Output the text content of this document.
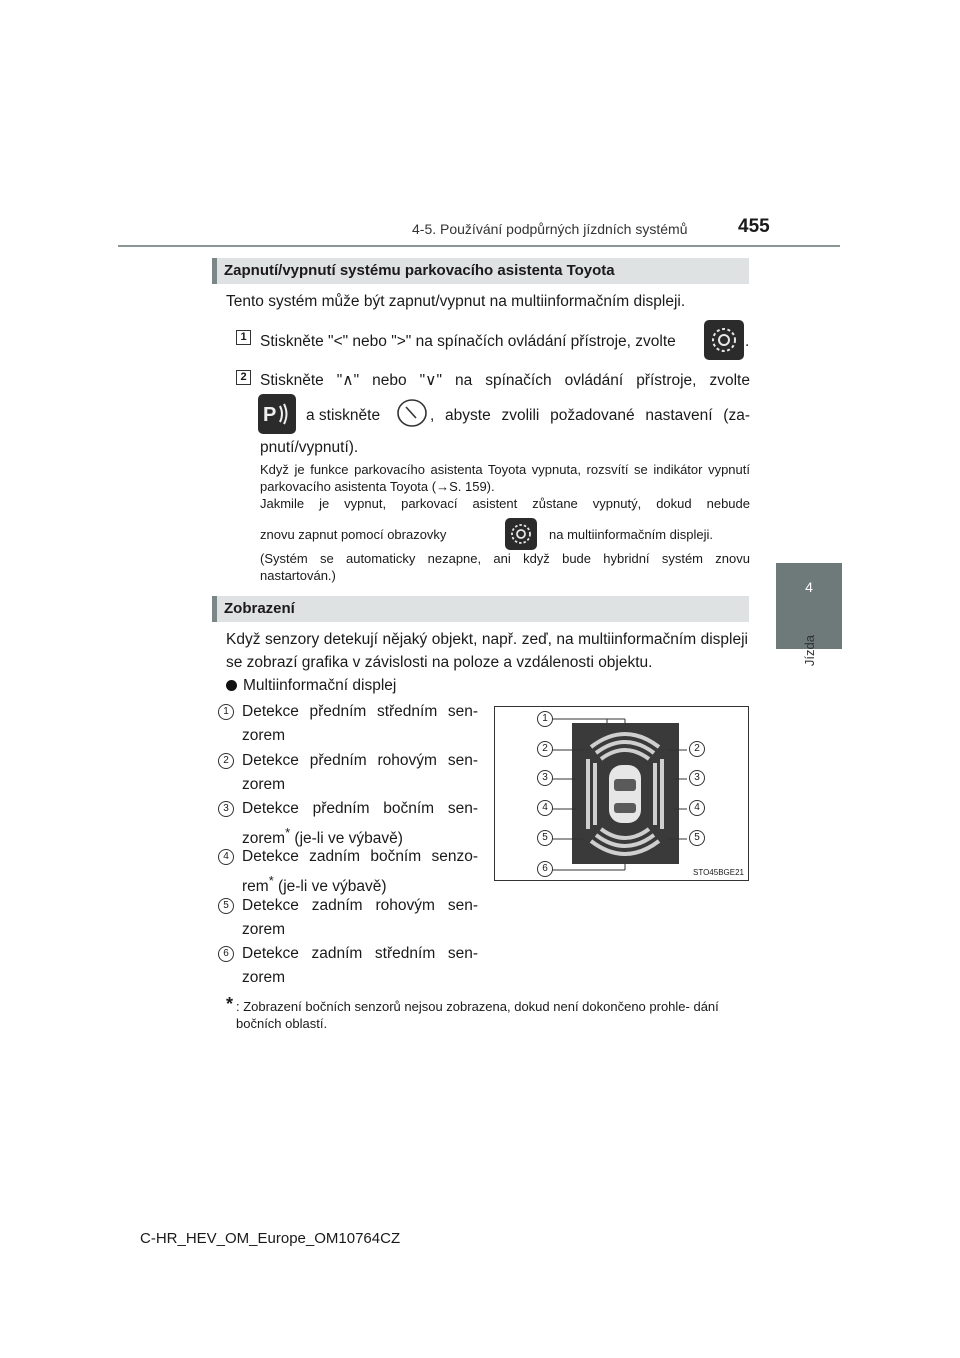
4-5. Používání podpůrných jízdních systémů	455
4
Jízda
Zapnutí/vypnutí systému parkovacího asistenta Toyota
Tento systém může být zapnut/vypnut na multiinformačním displeji.
1 Stiskněte "<" nebo ">" na spínačích ovládání přístroje, zvolte	.
2 Stiskněte "∧" nebo "∨" na spínačích ovládání přístroje, zvolte
P a stiskněte	, abyste zvolili požadované nastavení (za-
pnutí/vypnutí).
Když je funkce parkovacího asistenta Toyota vypnuta, rozsvítí se indikátor vypnutí parkovacího asistenta Toyota (→S. 159).
Jakmile je vypnut, parkovací asistent zůstane vypnutý, dokud nebude
znovu zapnut pomocí obrazovky	na multiinformačním displeji.
(Systém se automaticky nezapne, ani když bude hybridní systém znovu nastartován.)
Zobrazení
Když senzory detekují nějaký objekt, např. zeď, na multiinformačním displeji se zobrazí grafika v závislosti na poloze a vzdálenosti objektu.
Multiinformační displej
1 Detekce předním středním sen- zorem
2 Detekce předním rohovým sen- zorem
3 Detekce předním bočním sen- zorem* (je-li ve výbavě)
4 Detekce zadním bočním senzo- rem* (je-li ve výbavě)
5 Detekce zadním rohovým sen- zorem
6 Detekce zadním středním sen- zorem
* : Zobrazení bočních senzorů nejsou zobrazena, dokud není dokončeno prohle- dání bočních oblastí.
1
2
3
4
5
6
2
3
4
5
STO45BGE21
C-HR_HEV_OM_Europe_OM10764CZ
